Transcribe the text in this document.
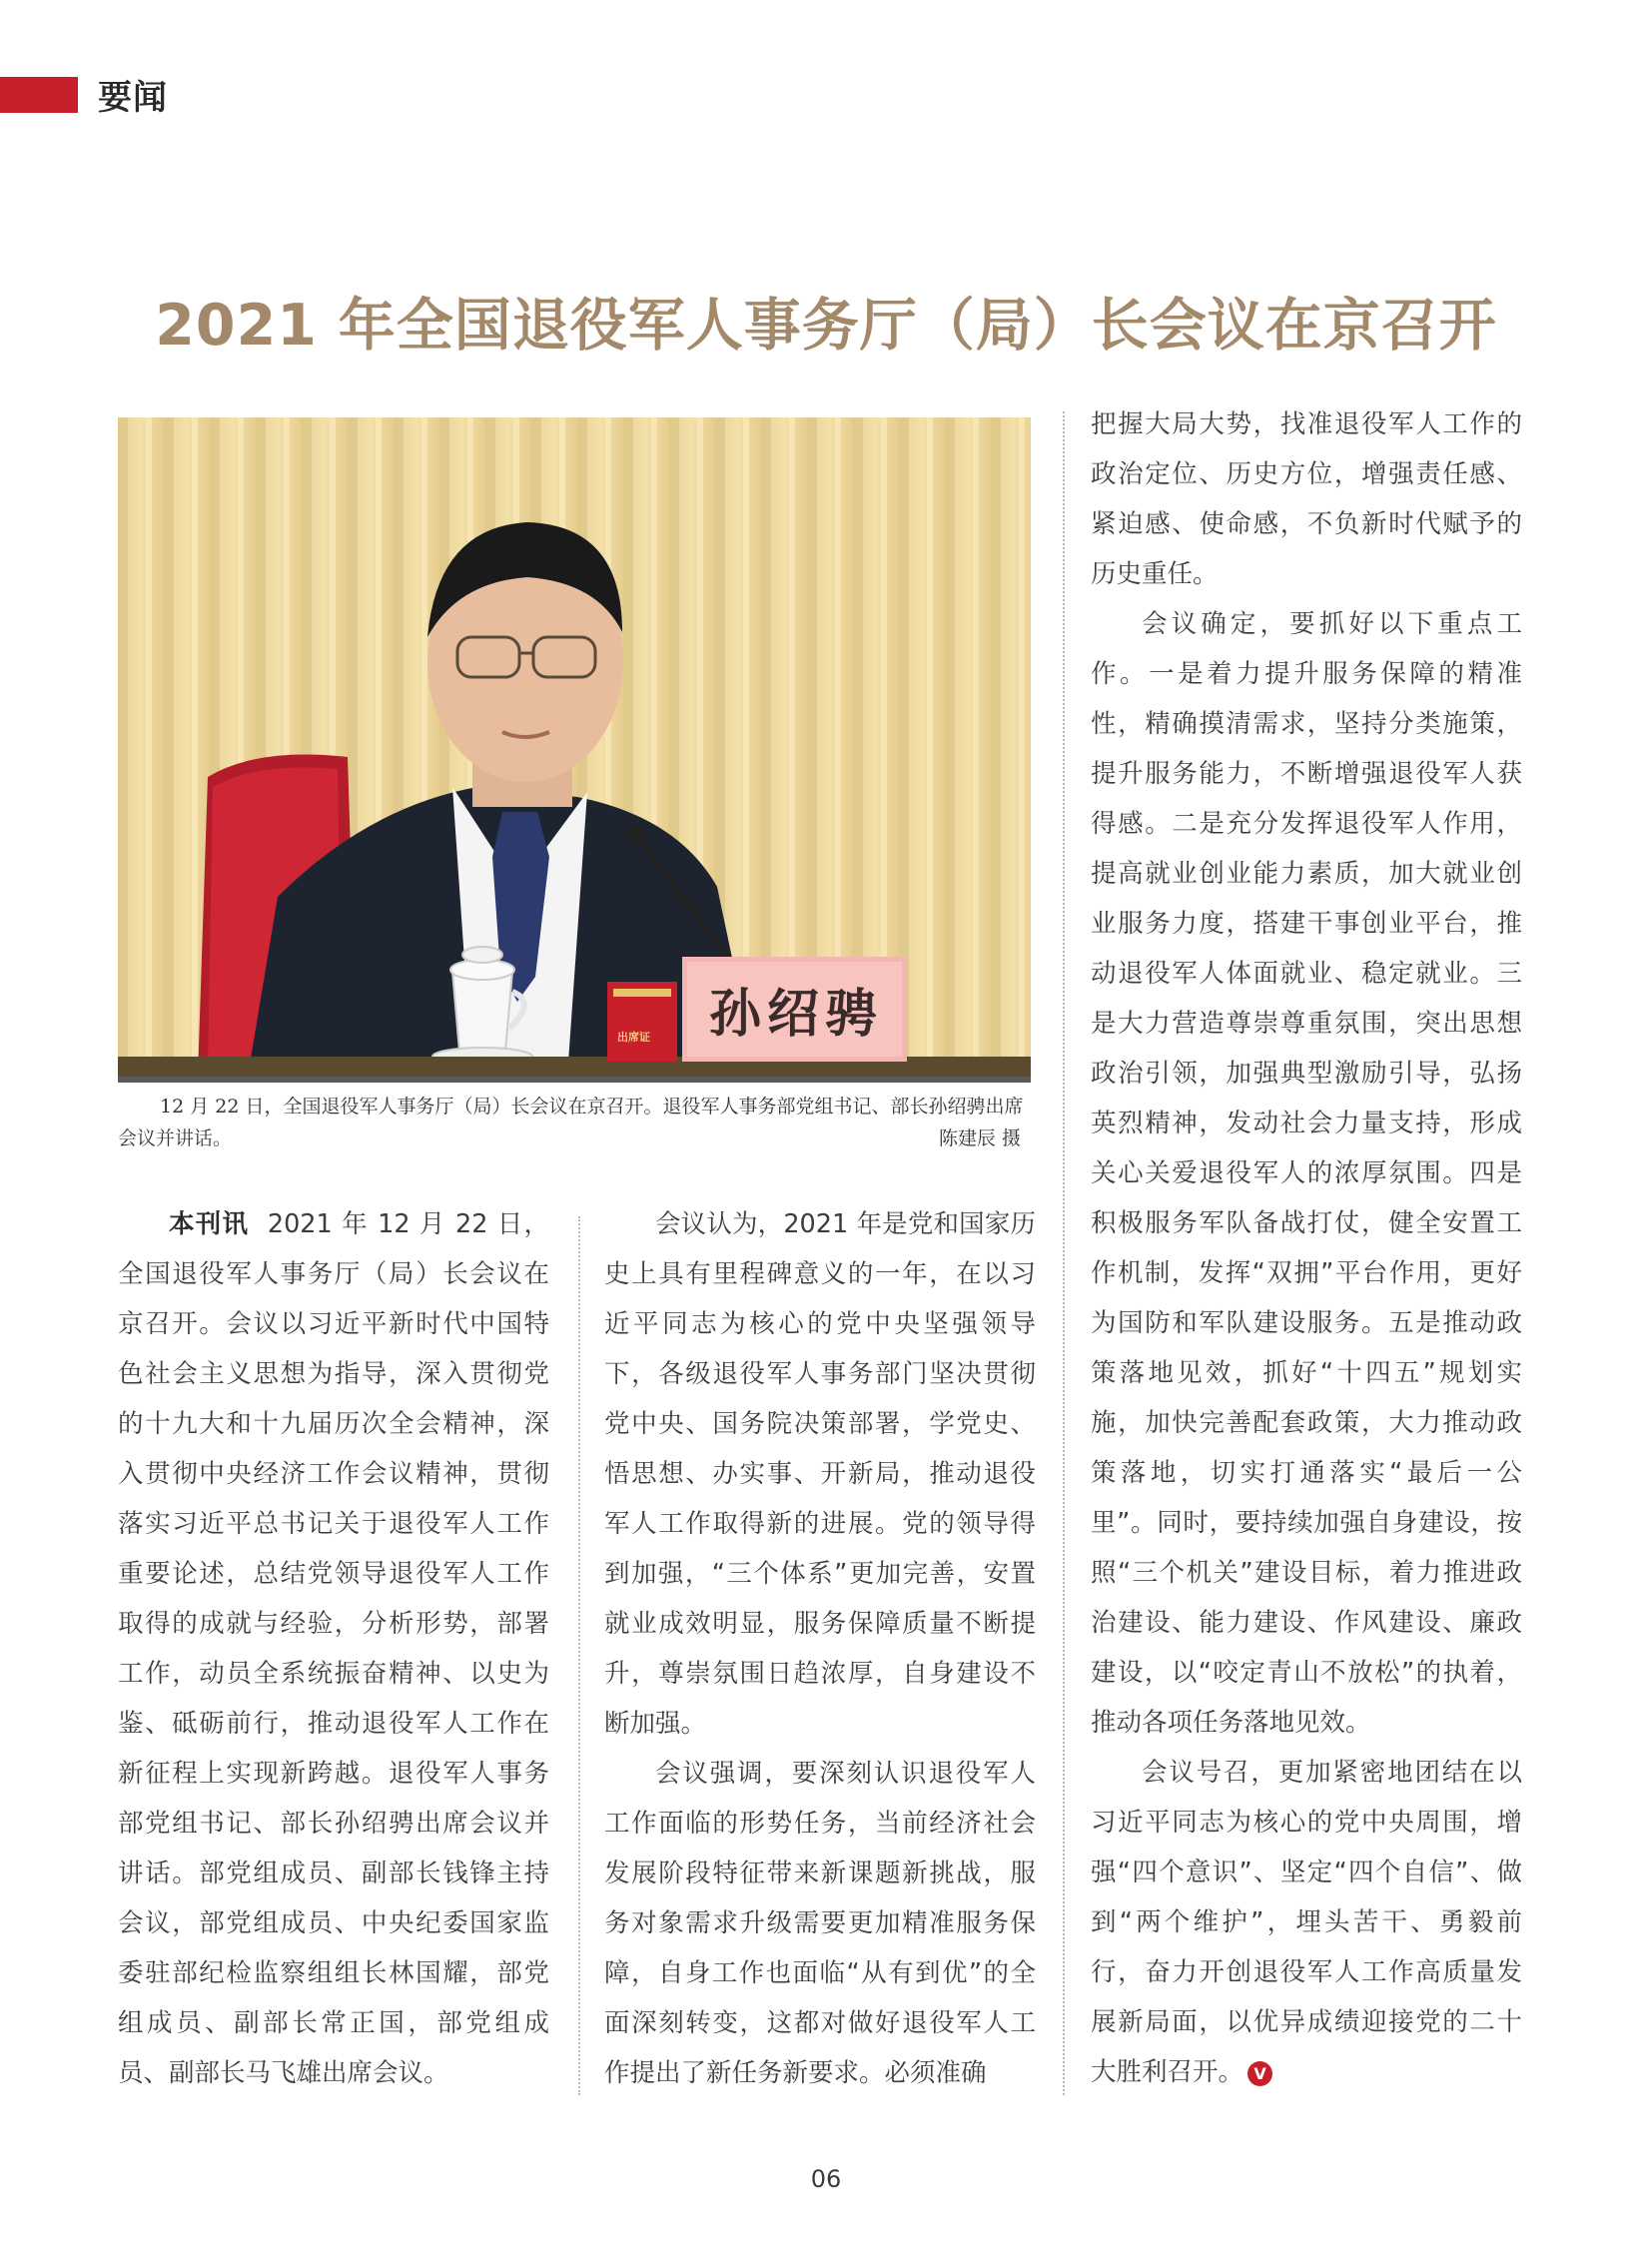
要闻
2021 年全国退役军人事务厅（局）长会议在京召开
出席证	孙绍骋
12 月 22 日，全国退役军人事务厅（局）长会议在京召开。退役军人事务部党组书记、部长孙绍骋出席会议并讲话。	陈建辰 摄

本刊讯 2021 年 12 月 22 日，全国退役军人事务厅（局）长会议在京召开。会议以习近平新时代中国特色社会主义思想为指导，深入贯彻党的十九大和十九届历次全会精神，深入贯彻中央经济工作会议精神，贯彻落实习近平总书记关于退役军人工作重要论述，总结党领导退役军人工作取得的成就与经验，分析形势，部署工作，动员全系统振奋精神、以史为鉴、砥砺前行，推动退役军人工作在新征程上实现新跨越。退役军人事务部党组书记、部长孙绍骋出席会议并讲话。部党组成员、副部长钱锋主持会议，部党组成员、中央纪委国家监委驻部纪检监察组组长林国耀，部党组成员、副部长常正国，部党组成员、副部长马飞雄出席会议。

会议认为，2021 年是党和国家历史上具有里程碑意义的一年，在以习近平同志为核心的党中央坚强领导下，各级退役军人事务部门坚决贯彻党中央、国务院决策部署，学党史、悟思想、办实事、开新局，推动退役军人工作取得新的进展。党的领导得到加强，“三个体系”更加完善，安置就业成效明显，服务保障质量不断提升，尊崇氛围日趋浓厚，自身建设不断加强。

会议强调，要深刻认识退役军人工作面临的形势任务，当前经济社会发展阶段特征带来新课题新挑战，服务对象需求升级需要更加精准服务保障，自身工作也面临“从有到优”的全面深刻转变，这都对做好退役军人工作提出了新任务新要求。必须准确

把握大局大势，找准退役军人工作的政治定位、历史方位，增强责任感、紧迫感、使命感，不负新时代赋予的历史重任。

会议确定，要抓好以下重点工作。一是着力提升服务保障的精准性，精确摸清需求，坚持分类施策，提升服务能力，不断增强退役军人获得感。二是充分发挥退役军人作用，提高就业创业能力素质，加大就业创业服务力度，搭建干事创业平台，推动退役军人体面就业、稳定就业。三是大力营造尊崇尊重氛围，突出思想政治引领，加强典型激励引导，弘扬英烈精神，发动社会力量支持，形成关心关爱退役军人的浓厚氛围。四是积极服务军队备战打仗，健全安置工作机制，发挥“双拥”平台作用，更好为国防和军队建设服务。五是推动政策落地见效，抓好“十四五”规划实施，加快完善配套政策，大力推动政策落地，切实打通落实“最后一公里”。同时，要持续加强自身建设，按照“三个机关”建设目标，着力推进政治建设、能力建设、作风建设、廉政建设，以“咬定青山不放松”的执着，推动各项任务落地见效。

会议号召，更加紧密地团结在以习近平同志为核心的党中央周围，增强“四个意识”、坚定“四个自信”、做到“两个维护”，埋头苦干、勇毅前行，奋力开创退役军人工作高质量发展新局面，以优异成绩迎接党的二十大胜利召开。 V

06
